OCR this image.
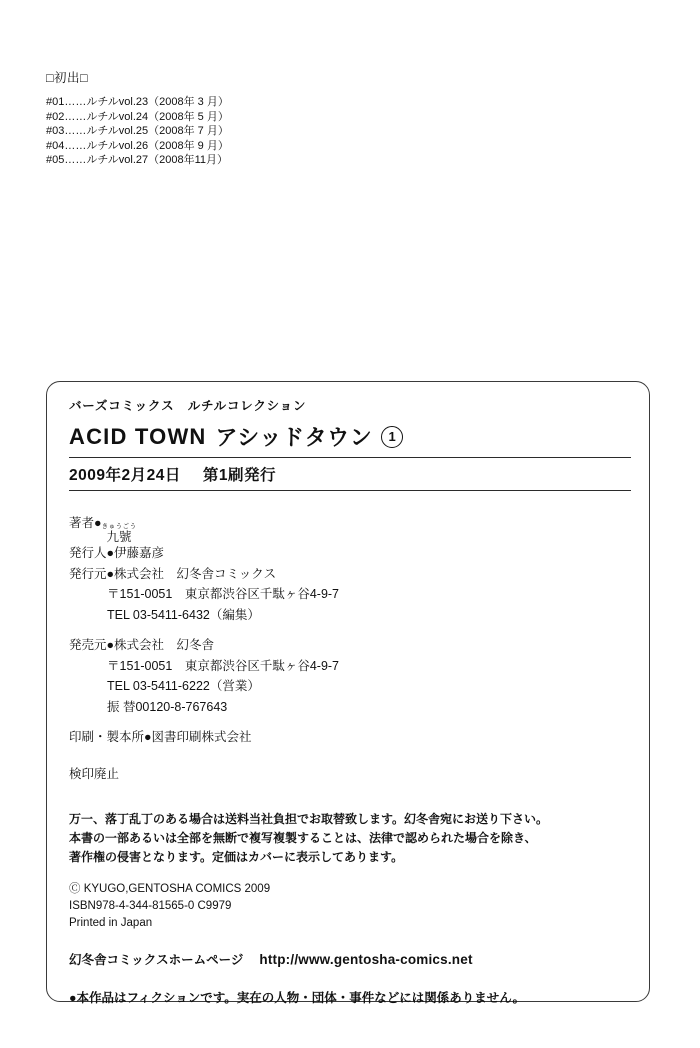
□初出□
#01……ルチルvol.23（2008年 3 月）
#02……ルチルvol.24（2008年 5 月）
#03……ルチルvol.25（2008年 7 月）
#04……ルチルvol.26（2008年 9 月）
#05……ルチルvol.27（2008年11月）
バーズコミックス　ルチルコレクション
ACID TOWN アシッドタウン	1
2009年2月24日 第1刷発行
著者● きゅうごう
九號
発行人●伊藤嘉彦
発行元●株式会社　幻冬舎コミックス
〒151-0051　東京都渋谷区千駄ヶ谷4-9-7
TEL 03-5411-6432（編集）
発売元●株式会社　幻冬舎
〒151-0051　東京都渋谷区千駄ヶ谷4-9-7
TEL 03-5411-6222（営業）
振 替00120-8-767643
印刷・製本所●図書印刷株式会社
検印廃止
万一、落丁乱丁のある場合は送料当社負担でお取替致します。幻冬舎宛にお送り下さい。
本書の一部あるいは全部を無断で複写複製することは、法律で認められた場合を除き、
著作権の侵害となります。定価はカバーに表示してあります。
Ⓒ KYUGO,GENTOSHA COMICS 2009
ISBN978-4-344-81565-0 C9979
Printed in Japan
幻冬舎コミックスホームページ http://www.gentosha-comics.net
●本作品はフィクションです。実在の人物・団体・事件などには関係ありません。
